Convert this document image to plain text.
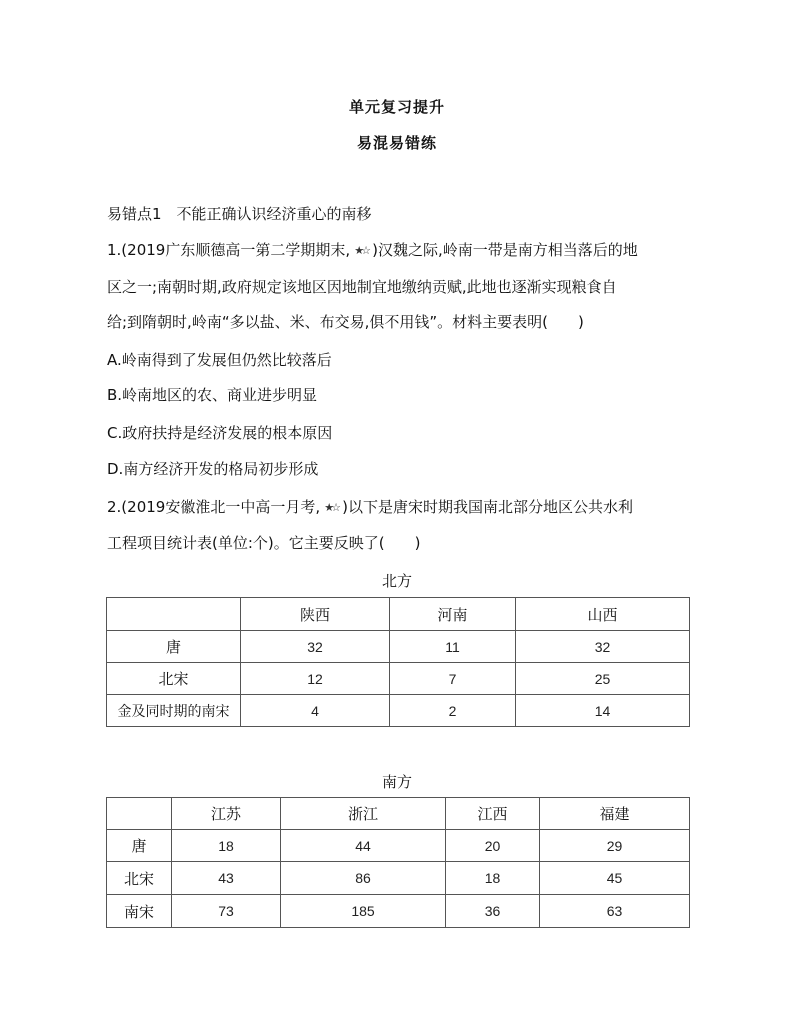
单元复习提升
易混易错练
易错点1　不能正确认识经济重心的南移
1.(2019广东顺德高一第二学期期末, ★☆ )汉魏之际,岭南一带是南方相当落后的地
区之一;南朝时期,政府规定该地区因地制宜地缴纳贡赋,此地也逐渐实现粮食自
给;到隋朝时,岭南“多以盐、米、布交易,俱不用钱”。材料主要表明(　　)
A.岭南得到了发展但仍然比较落后
B.岭南地区的农、商业进步明显
C.政府扶持是经济发展的根本原因
D.南方经济开发的格局初步形成
2.(2019安徽淮北一中高一月考, ★☆ )以下是唐宋时期我国南北部分地区公共水利
工程项目统计表(单位:个)。它主要反映了(　　)
北方
	陕西	河南	山西
唐	32	11	32
北宋	12	7	25
金及同时期的南宋	4	2	14
南方
	江苏	浙江	江西	福建
唐	18	44	20	29
北宋	43	86	18	45
南宋	73	185	36	63
